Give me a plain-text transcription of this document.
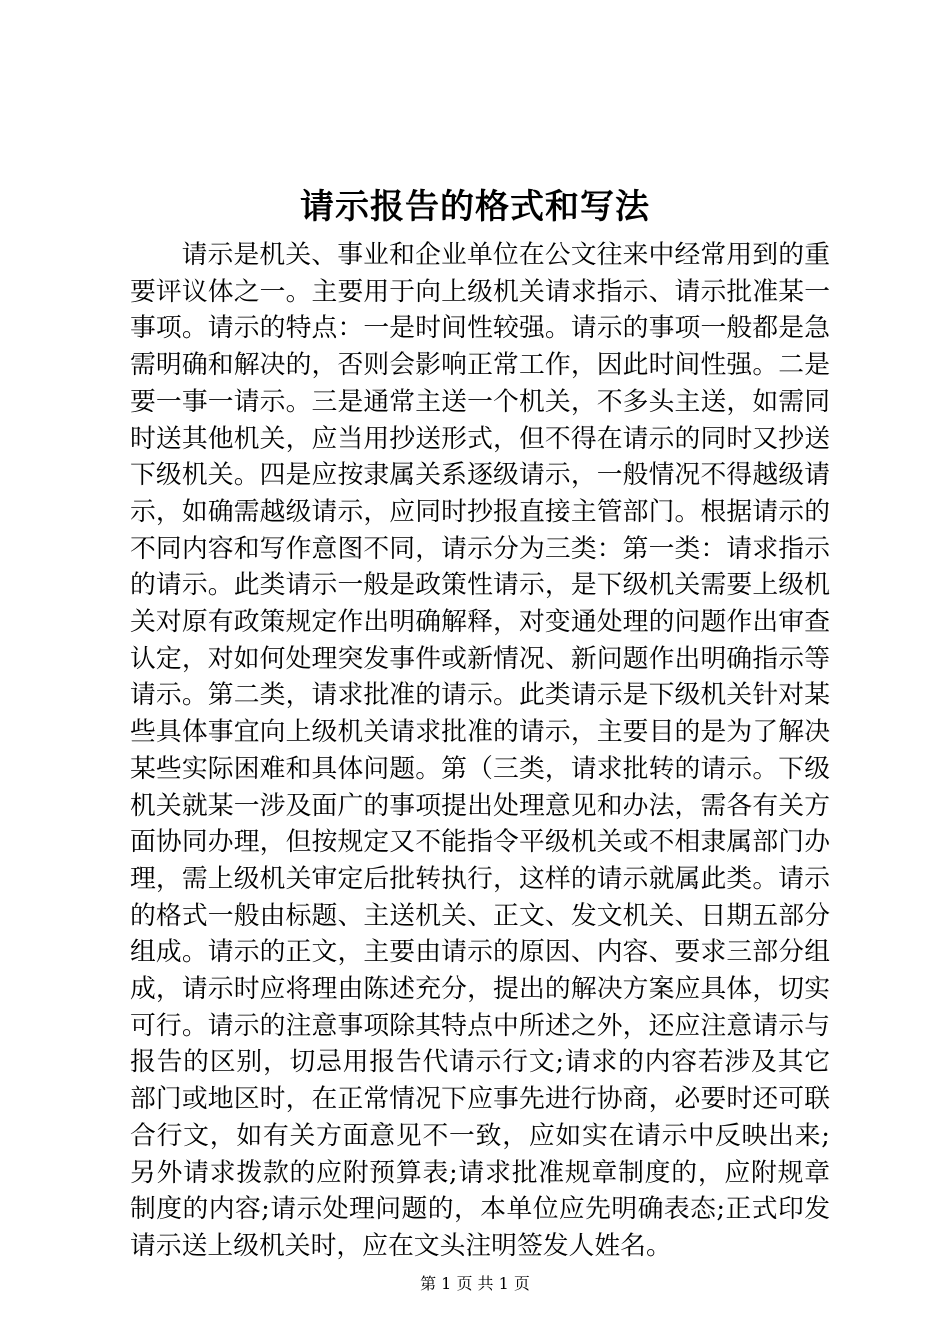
请示报告的格式和写法

请示是机关、事业和企业单位在公文往来中经常用到的重要评议体之一。主要用于向上级机关请求指示、请示批准某一事项。请示的特点：一是时间性较强。请示的事项一般都是急需明确和解决的，否则会影响正常工作，因此时间性强。二是要一事一请示。三是通常主送一个机关，不多头主送，如需同时送其他机关，应当用抄送形式，但不得在请示的同时又抄送下级机关。四是应按隶属关系逐级请示，一般情况不得越级请示，如确需越级请示，应同时抄报直接主管部门。根据请示的不同内容和写作意图不同，请示分为三类：第一类：请求指示的请示。此类请示一般是政策性请示，是下级机关需要上级机关对原有政策规定作出明确解释，对变通处理的问题作出审查认定，对如何处理突发事件或新情况、新问题作出明确指示等请示。第二类，请求批准的请示。此类请示是下级机关针对某些具体事宜向上级机关请求批准的请示，主要目的是为了解决某些实际困难和具体问题。第（三类，请求批转的请示。下级机关就某一涉及面广的事项提出处理意见和办法，需各有关方面协同办理，但按规定又不能指令平级机关或不相隶属部门办理，需上级机关审定后批转执行，这样的请示就属此类。请示的格式一般由标题、主送机关、正文、发文机关、日期五部分组成。请示的正文，主要由请示的原因、内容、要求三部分组成，请示时应将理由陈述充分，提出的解决方案应具体，切实可行。请示的注意事项除其特点中所述之外，还应注意请示与报告的区别，切忌用报告代请示行文;请求的内容若涉及其它部门或地区时，在正常情况下应事先进行协商，必要时还可联合行文，如有关方面意见不一致，应如实在请示中反映出来;另外请求拨款的应附预算表;请求批准规章制度的，应附规章制度的内容;请示处理问题的，本单位应先明确表态;正式印发请示送上级机关时，应在文头注明签发人姓名。

第 1 页 共 1 页
